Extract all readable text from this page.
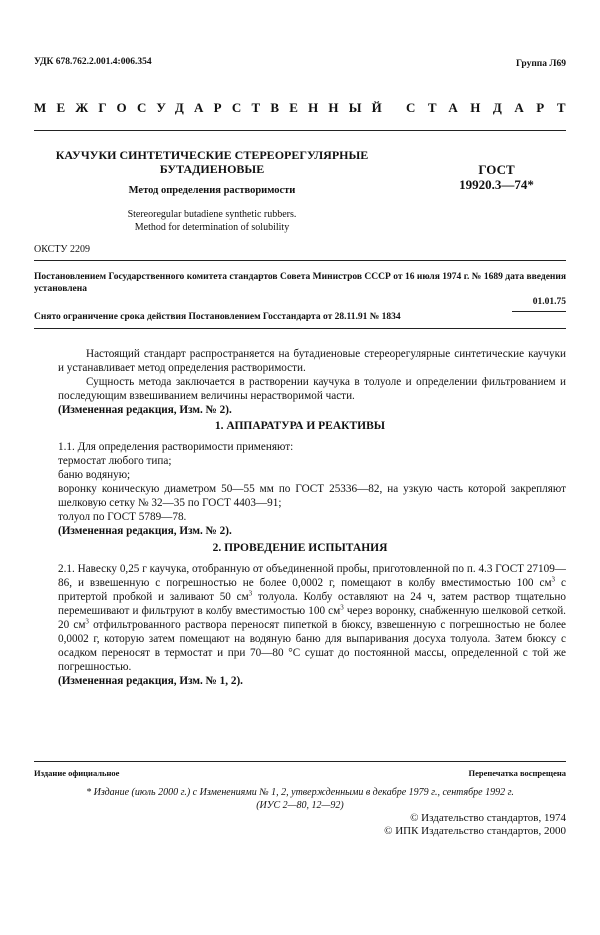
УДК 678.762.2.001.4:006.354	Группа Л69
МЕЖГОСУДАРСТВЕННЫЙ СТАНДАРТ
КАУЧУКИ СИНТЕТИЧЕСКИЕ СТЕРЕОРЕГУЛЯРНЫЕ
БУТАДИЕНОВЫЕ
Метод определения растворимости
Stereoregular butadiene synthetic rubbers.
Method for determination of solubility
ГОСТ
19920.3—74*
ОКСТУ 2209
Постановлением Государственного комитета стандартов Совета Министров СССР от 16 июля 1974 г. № 1689 дата введения установлена
01.01.75
Снято ограничение срока действия Постановлением Госстандарта от 28.11.91 № 1834

Настоящий стандарт распространяется на бутадиеновые стереорегулярные синтетические каучуки и устанавливает метод определения растворимости.

Сущность метода заключается в растворении каучука в толуоле и определении фильтрованием и последующим взвешиванием величины нерастворимой части.

(Измененная редакция, Изм. № 2).

1. АППАРАТУРА И РЕАКТИВЫ

1.1. Для определения растворимости применяют:

термостат любого типа;

баню водяную;

воронку коническую диаметром 50—55 мм по ГОСТ 25336—82, на узкую часть которой закрепляют шелковую сетку № 32—35 по ГОСТ 4403—91;

толуол по ГОСТ 5789—78.

(Измененная редакция, Изм. № 2).

2. ПРОВЕДЕНИЕ ИСПЫТАНИЯ

2.1. Навеску 0,25 г каучука, отобранную от объединенной пробы, приготовленной по п. 4.3 ГОСТ 27109—86, и взвешенную с погрешностью не более 0,0002 г, помещают в колбу вместимостью 100 $см^3$ с притертой пробкой и заливают 50 $см^3$ толуола. Колбу оставляют на 24 ч, затем раствор тщательно перемешивают и фильтруют в колбу вместимостью 100 $см^3$ через воронку, снабженную шелковой сеткой. 20 $см^3$ отфильтрованного раствора переносят пипеткой в бюксу, взвешенную с погрешностью не более 0,0002 г, которую затем помещают на водяную баню для выпаривания досуха толуола. Затем бюксу с осадком переносят в термостат и при 70—80 °С сушат до постоянной массы, определенной с той же погрешностью.

(Измененная редакция, Изм. № 1, 2).

Издание официальное	Перепечатка воспрещена
* Издание (июль 2000 г.) с Изменениями № 1, 2, утвержденными в декабре 1979 г., сентябре 1992 г.
(ИУС 2—80, 12—92)
© Издательство стандартов, 1974
© ИПК Издательство стандартов, 2000
